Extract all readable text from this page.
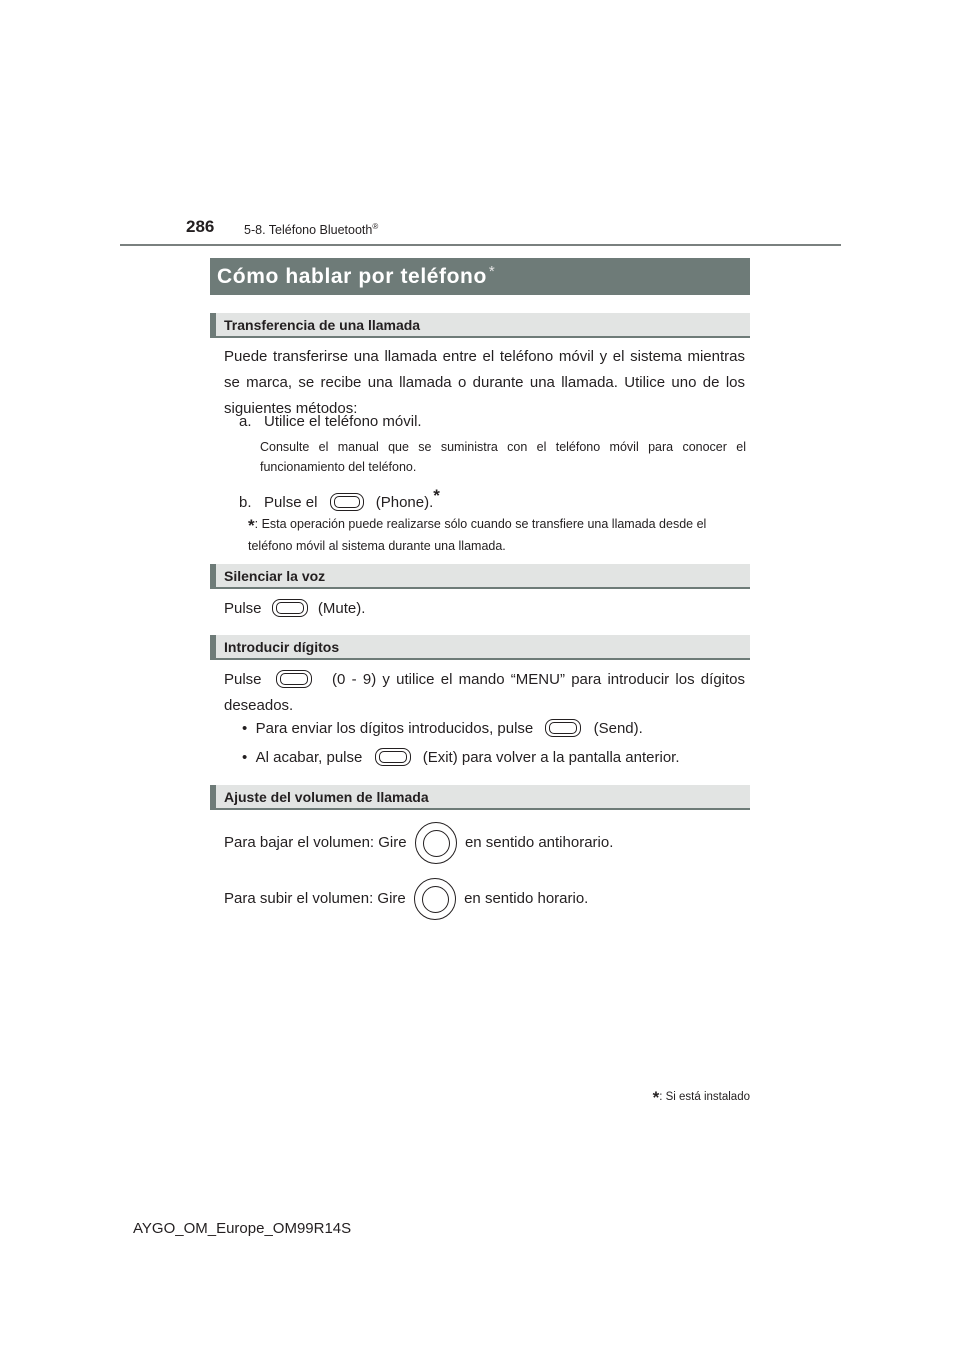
286 5-8. Teléfono Bluetooth®
Cómo hablar por teléfono *
Transferencia de una llamada
Puede transferirse una llamada entre el teléfono móvil y el sistema mientras se marca, se recibe una llamada o durante una llamada. Utilice uno de los siguientes métodos:
a. Utilice el teléfono móvil.
Consulte el manual que se suministra con el teléfono móvil para conocer el funcionamiento del teléfono.
b. Pulse el	(Phone).*
*: Esta operación puede realizarse sólo cuando se transfiere una llamada desde el teléfono móvil al sistema durante una llamada.
Silenciar la voz
Pulse	(Mute).
Introducir dígitos
Pulse	(0 - 9) y utilice el mando “MENU” para introducir los dígitos deseados.
• Para enviar los dígitos introducidos, pulse	(Send).
• Al acabar, pulse	(Exit) para volver a la pantalla anterior.
Ajuste del volumen de llamada
Para bajar el volumen: Gire	en sentido antihorario.
Para subir el volumen: Gire	en sentido horario.
*: Si está instalado
AYGO_OM_Europe_OM99R14S
